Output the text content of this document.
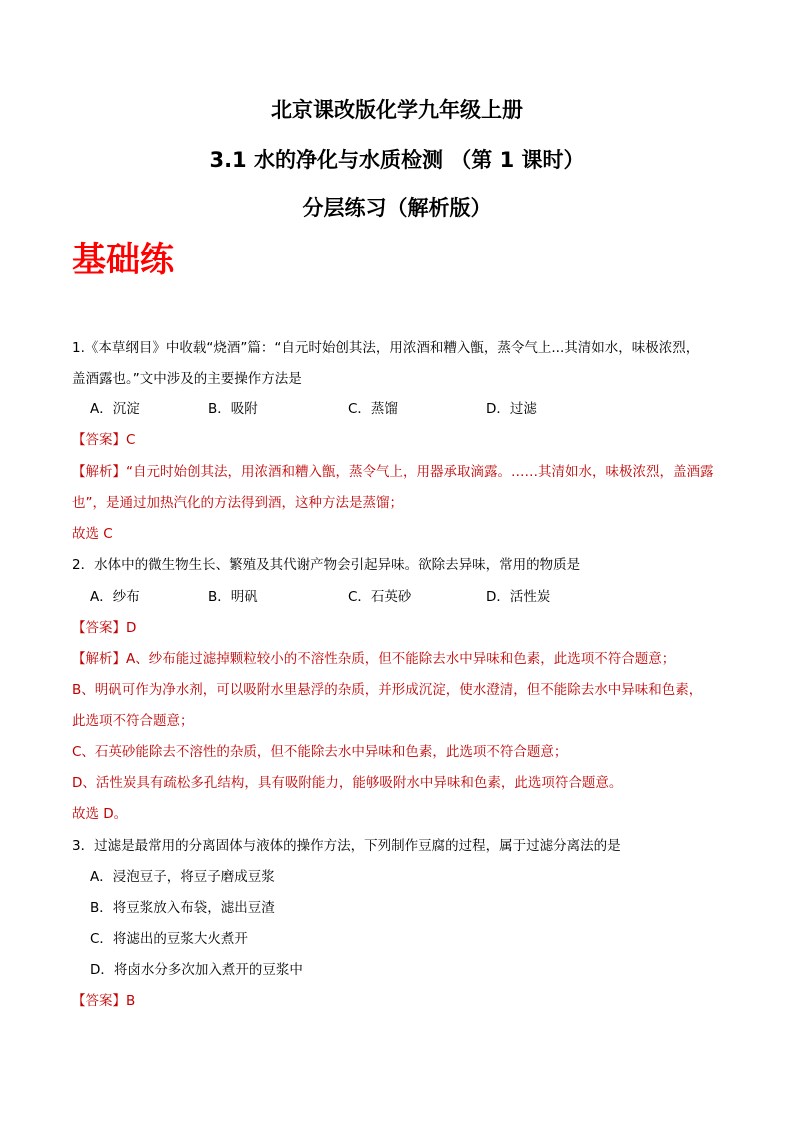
北京课改版化学九年级上册
3.1 水的净化与水质检测 （第 1 课时）
分层练习（解析版）
基础练
1.《本草纲目》中收载“烧酒”篇：“自元时始创其法，用浓酒和糟入甑，蒸令气上...其清如水，味极浓烈，
盖酒露也。”文中涉及的主要操作方法是
A．沉淀	B．吸附	C．蒸馏	D．过滤
【答案】C
【解析】“自元时始创其法，用浓酒和糟入甑，蒸令气上，用器承取滴露。……其清如水，味极浓烈，盖酒露
也”，是通过加热汽化的方法得到酒，这种方法是蒸馏；
故选 C
2．水体中的微生物生长、繁殖及其代谢产物会引起异味。欲除去异味，常用的物质是
A．纱布	B．明矾	C．石英砂	D．活性炭
【答案】D
【解析】A、纱布能过滤掉颗粒较小的不溶性杂质，但不能除去水中异味和色素，此选项不符合题意；
B、明矾可作为净水剂，可以吸附水里悬浮的杂质，并形成沉淀，使水澄清，但不能除去水中异味和色素，
此选项不符合题意；
C、石英砂能除去不溶性的杂质，但不能除去水中异味和色素，此选项不符合题意；
D、活性炭具有疏松多孔结构，具有吸附能力，能够吸附水中异味和色素，此选项符合题意。
故选 D。
3．过滤是最常用的分离固体与液体的操作方法，下列制作豆腐的过程，属于过滤分离法的是
A．浸泡豆子，将豆子磨成豆浆
B．将豆浆放入布袋，滤出豆渣
C．将滤出的豆浆大火煮开
D．将卤水分多次加入煮开的豆浆中
【答案】B
